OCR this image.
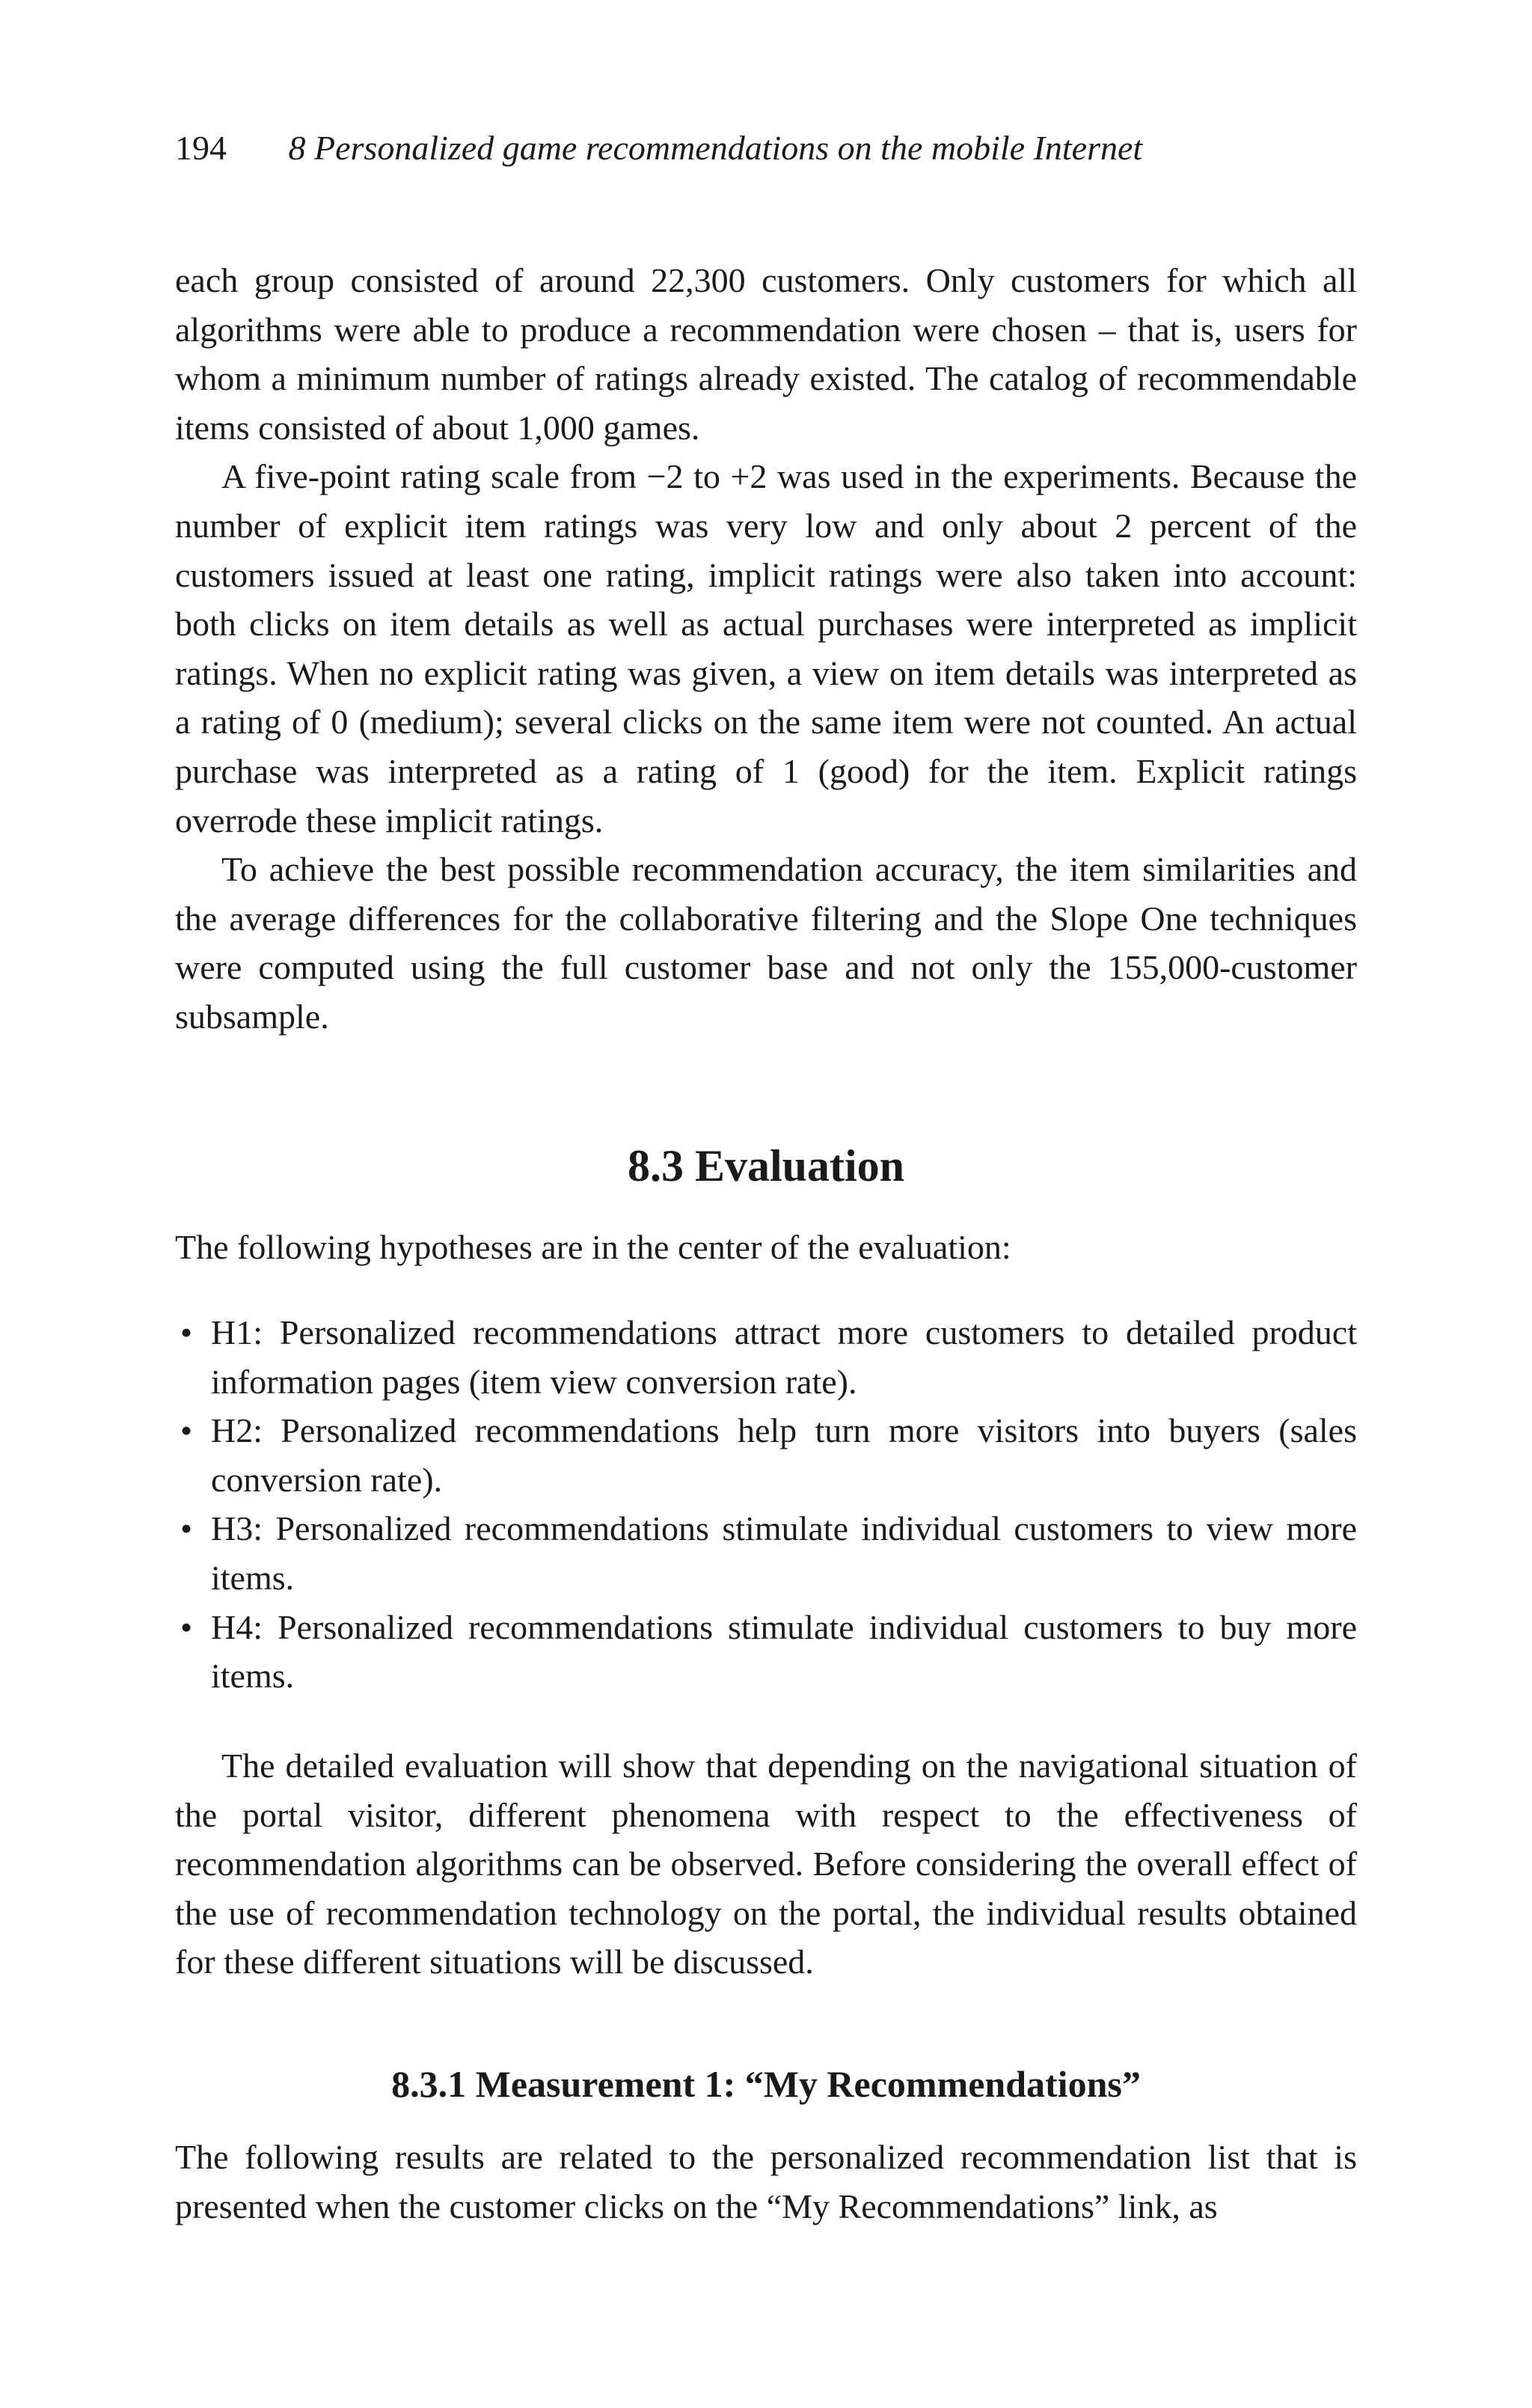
194 8 Personalized game recommendations on the mobile Internet

each group consisted of around 22,300 customers. Only customers for which all algorithms were able to produce a recommendation were chosen – that is, users for whom a minimum number of ratings already existed. The catalog of recommendable items consisted of about 1,000 games.

A five-point rating scale from −2 to +2 was used in the experiments. Because the number of explicit item ratings was very low and only about 2 percent of the customers issued at least one rating, implicit ratings were also taken into account: both clicks on item details as well as actual purchases were interpreted as implicit ratings. When no explicit rating was given, a view on item details was interpreted as a rating of 0 (medium); several clicks on the same item were not counted. An actual purchase was interpreted as a rating of 1 (good) for the item. Explicit ratings overrode these implicit ratings.

To achieve the best possible recommendation accuracy, the item similarities and the average differences for the collaborative filtering and the Slope One techniques were computed using the full customer base and not only the 155,000-customer subsample.

8.3 Evaluation

The following hypotheses are in the center of the evaluation:

• H1: Personalized recommendations attract more customers to detailed product information pages (item view conversion rate).
• H2: Personalized recommendations help turn more visitors into buyers (sales conversion rate).
• H3: Personalized recommendations stimulate individual customers to view more items.
• H4: Personalized recommendations stimulate individual customers to buy more items.

The detailed evaluation will show that depending on the navigational situation of the portal visitor, different phenomena with respect to the effectiveness of recommendation algorithms can be observed. Before considering the overall effect of the use of recommendation technology on the portal, the individual results obtained for these different situations will be discussed.

8.3.1 Measurement 1: “My Recommendations”

The following results are related to the personalized recommendation list that is presented when the customer clicks on the “My Recommendations” link, as
